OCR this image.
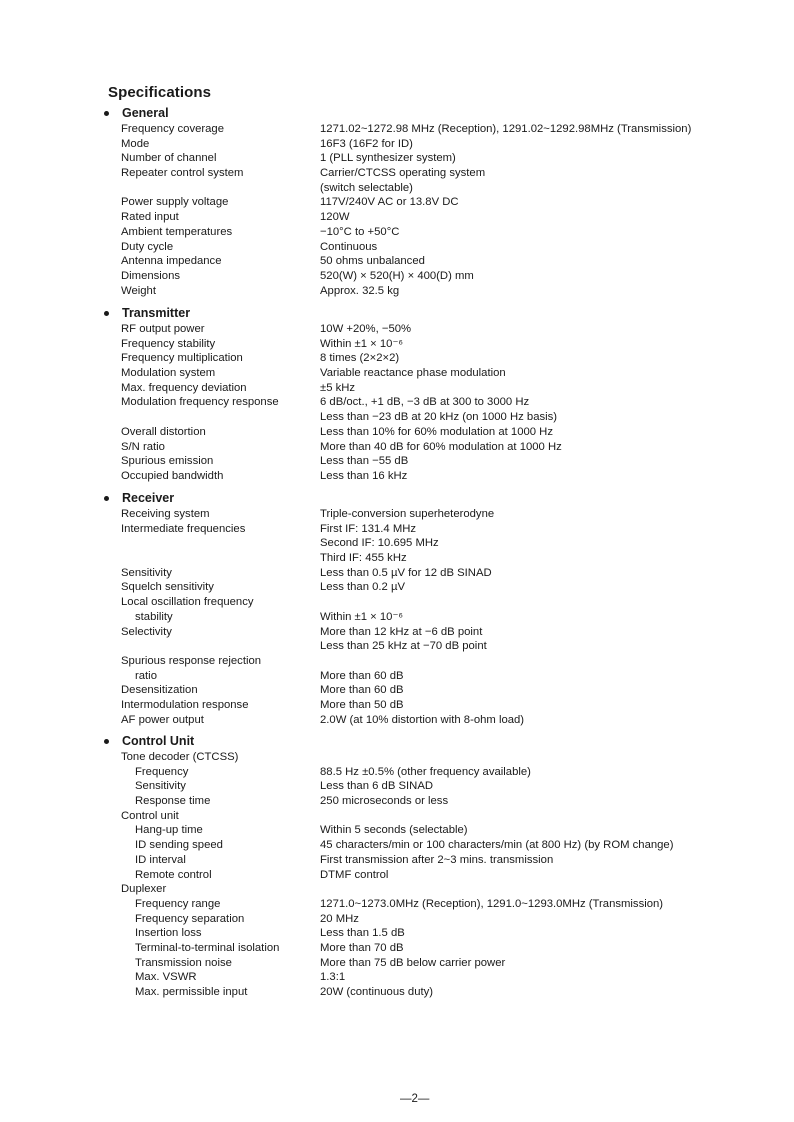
Specifications
General
Frequency coverage	1271.02~1272.98 MHz (Reception), 1291.02~1292.98MHz (Transmission)
Mode	16F3 (16F2 for ID)
Number of channel	1 (PLL synthesizer system)
Repeater control system	Carrier/CTCSS operating system
(switch selectable)
Power supply voltage	117V/240V AC or 13.8V DC
Rated input	120W
Ambient temperatures	−10°C to +50°C
Duty cycle	Continuous
Antenna impedance	50 ohms unbalanced
Dimensions	520(W) × 520(H) × 400(D) mm
Weight	Approx. 32.5 kg
Transmitter
RF output power	10W +20%, −50%
Frequency stability	Within ±1 × 10⁻⁶
Frequency multiplication	8 times (2×2×2)
Modulation system	Variable reactance phase modulation
Max. frequency deviation	±5 kHz
Modulation frequency response	6 dB/oct., +1 dB, −3 dB at 300 to 3000 Hz
Less than −23 dB at 20 kHz (on 1000 Hz basis)
Overall distortion	Less than 10% for 60% modulation at 1000 Hz
S/N ratio	More than 40 dB for 60% modulation at 1000 Hz
Spurious emission	Less than −55 dB
Occupied bandwidth	Less than 16 kHz
Receiver
Receiving system	Triple-conversion superheterodyne
Intermediate frequencies	First IF: 131.4 MHz
Second IF: 10.695 MHz
Third IF: 455 kHz
Sensitivity	Less than 0.5 µV for 12 dB SINAD
Squelch sensitivity	Less than 0.2 µV
Local oscillation frequency
stability	Within ±1 × 10⁻⁶
Selectivity	More than 12 kHz at −6 dB point
Less than 25 kHz at −70 dB point
Spurious response rejection
ratio	More than 60 dB
Desensitization	More than 60 dB
Intermodulation response	More than 50 dB
AF power output	2.0W (at 10% distortion with 8-ohm load)
Control Unit
Tone decoder (CTCSS)
Frequency	88.5 Hz ±0.5% (other frequency available)
Sensitivity	Less than 6 dB SINAD
Response time	250 microseconds or less
Control unit
Hang-up time	Within 5 seconds (selectable)
ID sending speed	45 characters/min or 100 characters/min (at 800 Hz) (by ROM change)
ID interval	First transmission after 2~3 mins. transmission
Remote control	DTMF control
Duplexer
Frequency range	1271.0~1273.0MHz (Reception), 1291.0~1293.0MHz (Transmission)
Frequency separation	20 MHz
Insertion loss	Less than 1.5 dB
Terminal-to-terminal isolation	More than 70 dB
Transmission noise	More than 75 dB below carrier power
Max. VSWR	1.3:1
Max. permissible input	20W (continuous duty)
—2—
